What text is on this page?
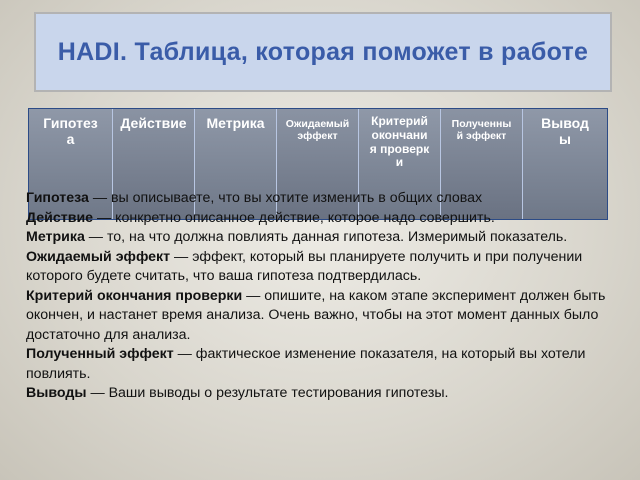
HADI. Таблица, которая поможет в работе
Гипотеза
Действие Метрика Ожидаемый эффект
Критерий окончания проверки
Полученный эффект
Выводы

Гипотеза — вы описываете, что вы хотите изменить в общих словах

Действие — конкретно описанное действие, которое надо совершить.

Метрика — то, на что должна повлиять данная гипотеза. Измеримый показатель.

Ожидаемый эффект — эффект, который вы планируете получить и при получении которого будете считать, что ваша гипотеза подтвердилась.

Критерий окончания проверки — опишите, на каком этапе эксперимент должен быть окончен, и настанет время анализа. Очень важно, чтобы на этот момент данных было достаточно для анализа.

Полученный эффект — фактическое изменение показателя, на который вы хотели повлиять.

Выводы — Ваши выводы о результате тестирования гипотезы.
